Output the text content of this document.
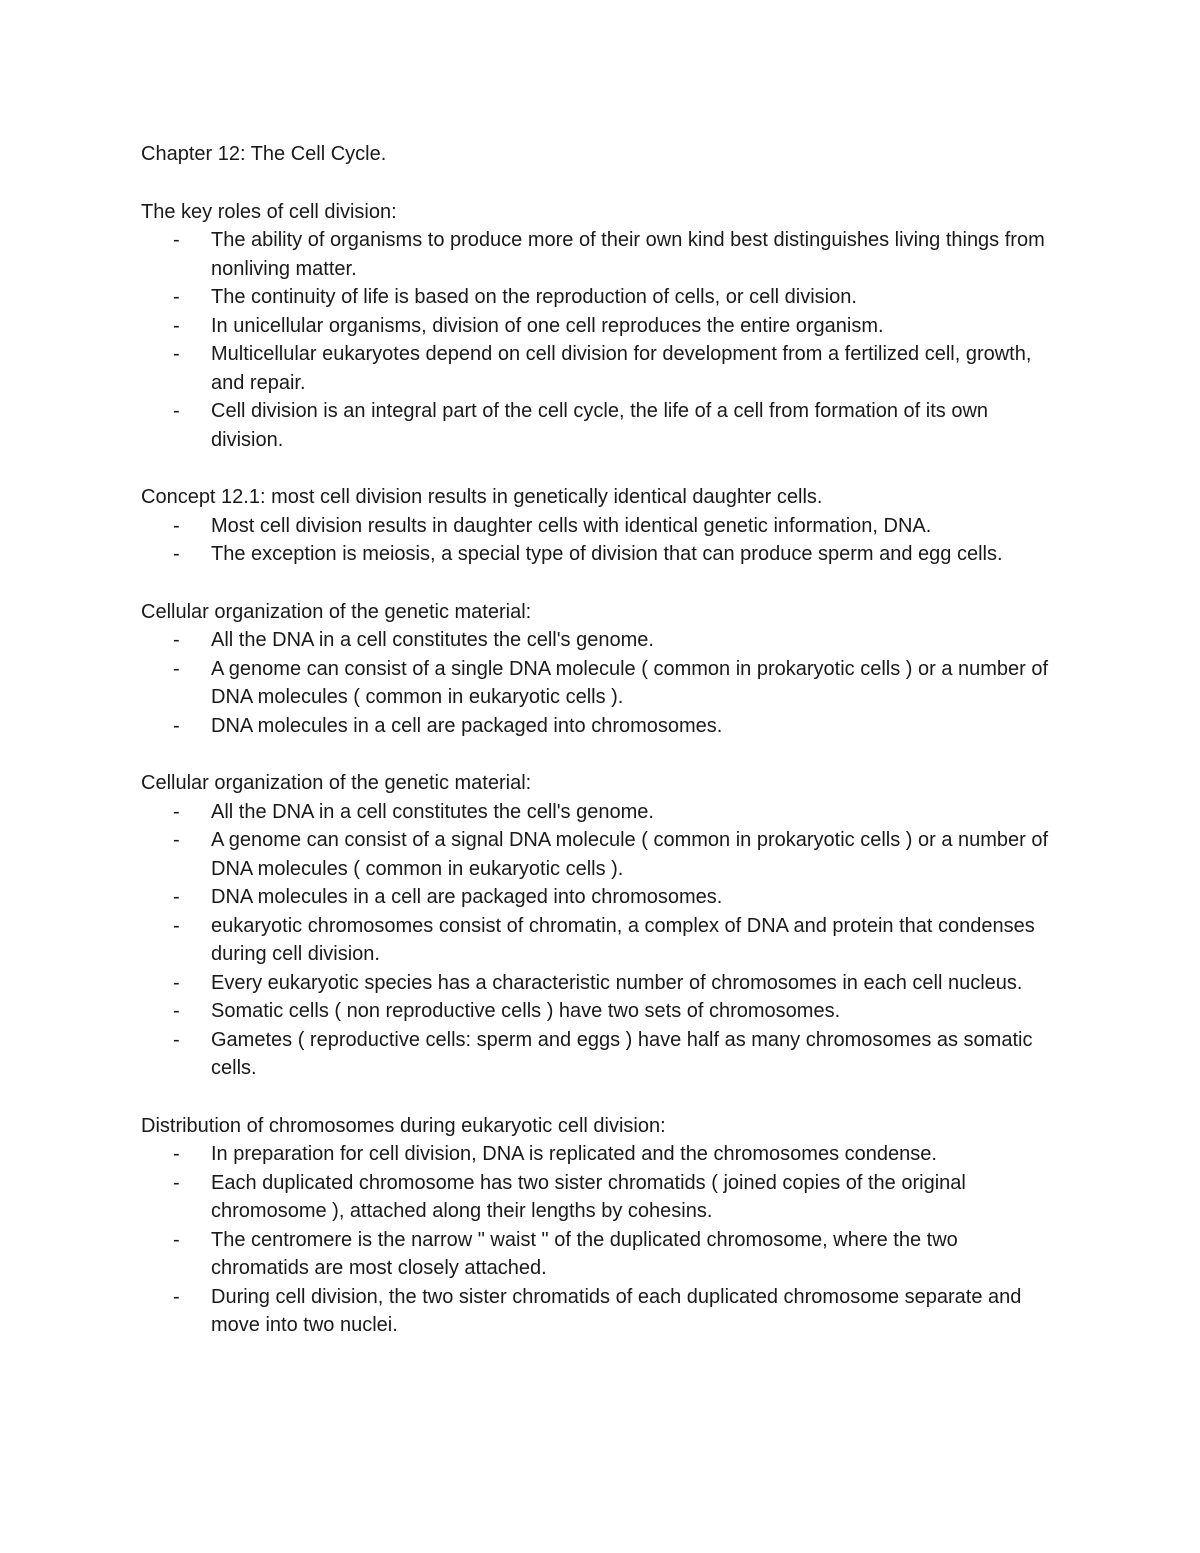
Chapter 12: The Cell Cycle.

The key roles of cell division:

- The ability of organisms to produce more of their own kind best distinguishes living things from nonliving matter.
- The continuity of life is based on the reproduction of cells, or cell division.
- In unicellular organisms, division of one cell reproduces the entire organism.
- Multicellular eukaryotes depend on cell division for development from a fertilized cell, growth, and repair.
- Cell division is an integral part of the cell cycle, the life of a cell from formation of its own division.

Concept 12.1: most cell division results in genetically identical daughter cells.

- Most cell division results in daughter cells with identical genetic information, DNA.
- The exception is meiosis, a special type of division that can produce sperm and egg cells.

Cellular organization of the genetic material:

- All the DNA in a cell constitutes the cell's genome.
- A genome can consist of a single DNA molecule ( common in prokaryotic cells ) or a number of DNA molecules ( common in eukaryotic cells ).
- DNA molecules in a cell are packaged into chromosomes.

Cellular organization of the genetic material:

- All the DNA in a cell constitutes the cell's genome.
- A genome can consist of a signal DNA molecule ( common in prokaryotic cells ) or a number of DNA molecules ( common in eukaryotic cells ).
- DNA molecules in a cell are packaged into chromosomes.
- eukaryotic chromosomes consist of chromatin, a complex of DNA and protein that condenses during cell division.
- Every eukaryotic species has a characteristic number of chromosomes in each cell nucleus.
- Somatic cells ( non reproductive cells ) have two sets of chromosomes.
- Gametes ( reproductive cells: sperm and eggs ) have half as many chromosomes as somatic cells.

Distribution of chromosomes during eukaryotic cell division:

- In preparation for cell division, DNA is replicated and the chromosomes condense.
- Each duplicated chromosome has two sister chromatids ( joined copies of the original chromosome ), attached along their lengths by cohesins.
- The centromere is the narrow " waist " of the duplicated chromosome, where the two chromatids are most closely attached.
- During cell division, the two sister chromatids of each duplicated chromosome separate and move into two nuclei.
